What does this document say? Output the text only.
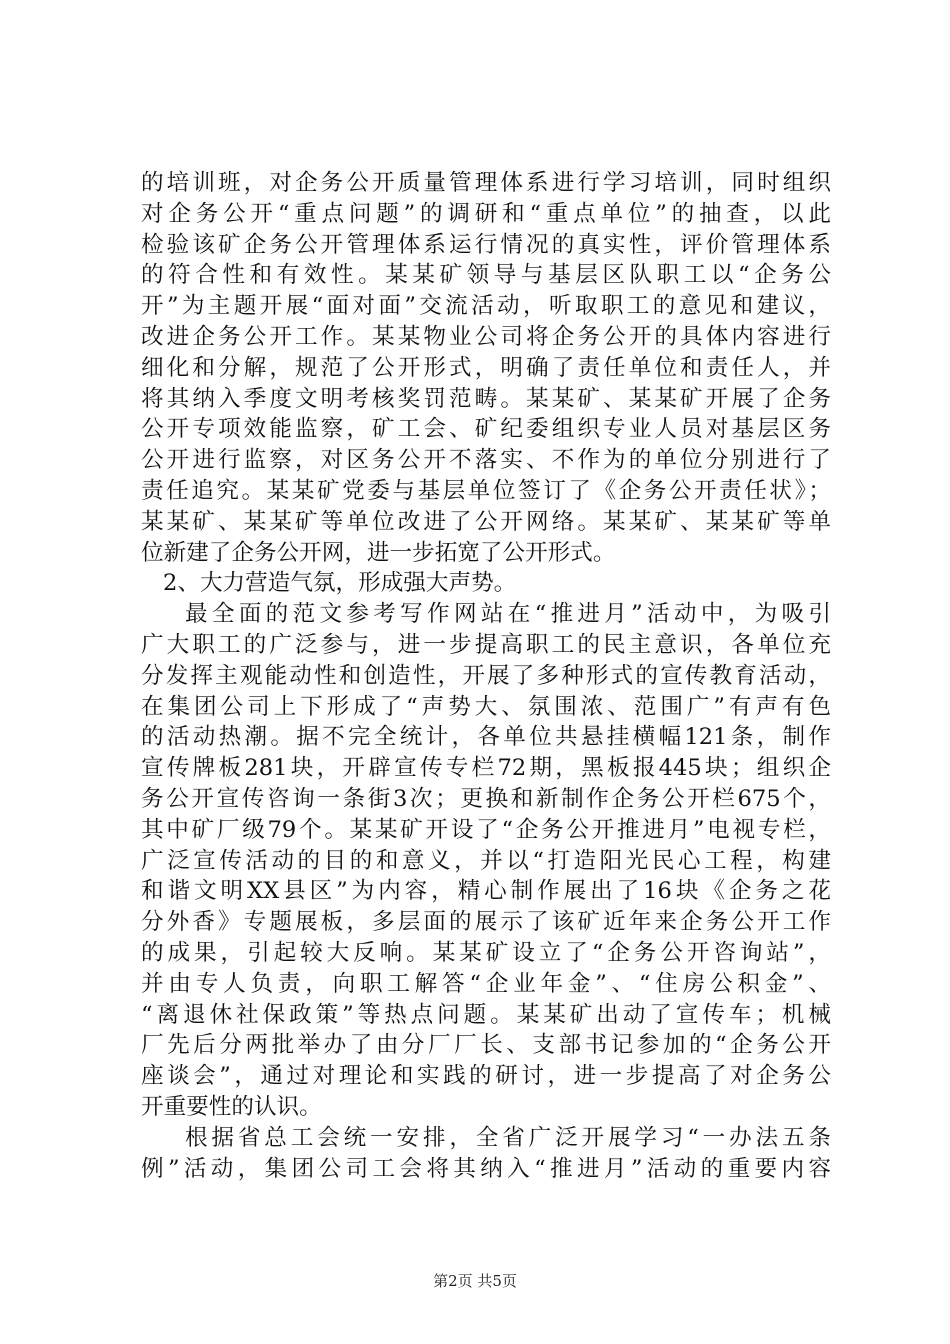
的培训班，对企务公开质量管理体系进行学习培训，同时组织
对企务公开“重点问题”的调研和“重点单位”的抽查，以此
检验该矿企务公开管理体系运行情况的真实性，评价管理体系
的符合性和有效性。某某矿领导与基层区队职工以“企务公
开”为主题开展“面对面”交流活动，听取职工的意见和建议，
改进企务公开工作。某某物业公司将企务公开的具体内容进行
细化和分解，规范了公开形式，明确了责任单位和责任人，并
将其纳入季度文明考核奖罚范畴。某某矿、某某矿开展了企务
公开专项效能监察，矿工会、矿纪委组织专业人员对基层区务
公开进行监察，对区务公开不落实、不作为的单位分别进行了
责任追究。某某矿党委与基层单位签订了《企务公开责任状》；
某某矿、某某矿等单位改进了公开网络。某某矿、某某矿等单
位新建了企务公开网，进一步拓宽了公开形式。
2、大力营造气氛，形成强大声势。
最全面的范文参考写作网站在“推进月”活动中，为吸引
广大职工的广泛参与，进一步提高职工的民主意识，各单位充
分发挥主观能动性和创造性，开展了多种形式的宣传教育活动，
在集团公司上下形成了“声势大、氛围浓、范围广”有声有色
的活动热潮。据不完全统计，各单位共悬挂横幅121条，制作
宣传牌板281块，开辟宣传专栏72期，黑板报445块；组织企
务公开宣传咨询一条街3次；更换和新制作企务公开栏675个，
其中矿厂级79个。某某矿开设了“企务公开推进月”电视专栏，
广泛宣传活动的目的和意义，并以“打造阳光民心工程，构建
和谐文明XX县区”为内容，精心制作展出了16块《企务之花
分外香》专题展板，多层面的展示了该矿近年来企务公开工作
的成果，引起较大反响。某某矿设立了“企务公开咨询站”，
并由专人负责，向职工解答“企业年金”、“住房公积金”、
“离退休社保政策”等热点问题。某某矿出动了宣传车；机械
厂先后分两批举办了由分厂厂长、支部书记参加的“企务公开
座谈会”，通过对理论和实践的研讨，进一步提高了对企务公
开重要性的认识。
根据省总工会统一安排，全省广泛开展学习“一办法五条
例”活动，集团公司工会将其纳入“推进月”活动的重要内容
第2页 共5页
